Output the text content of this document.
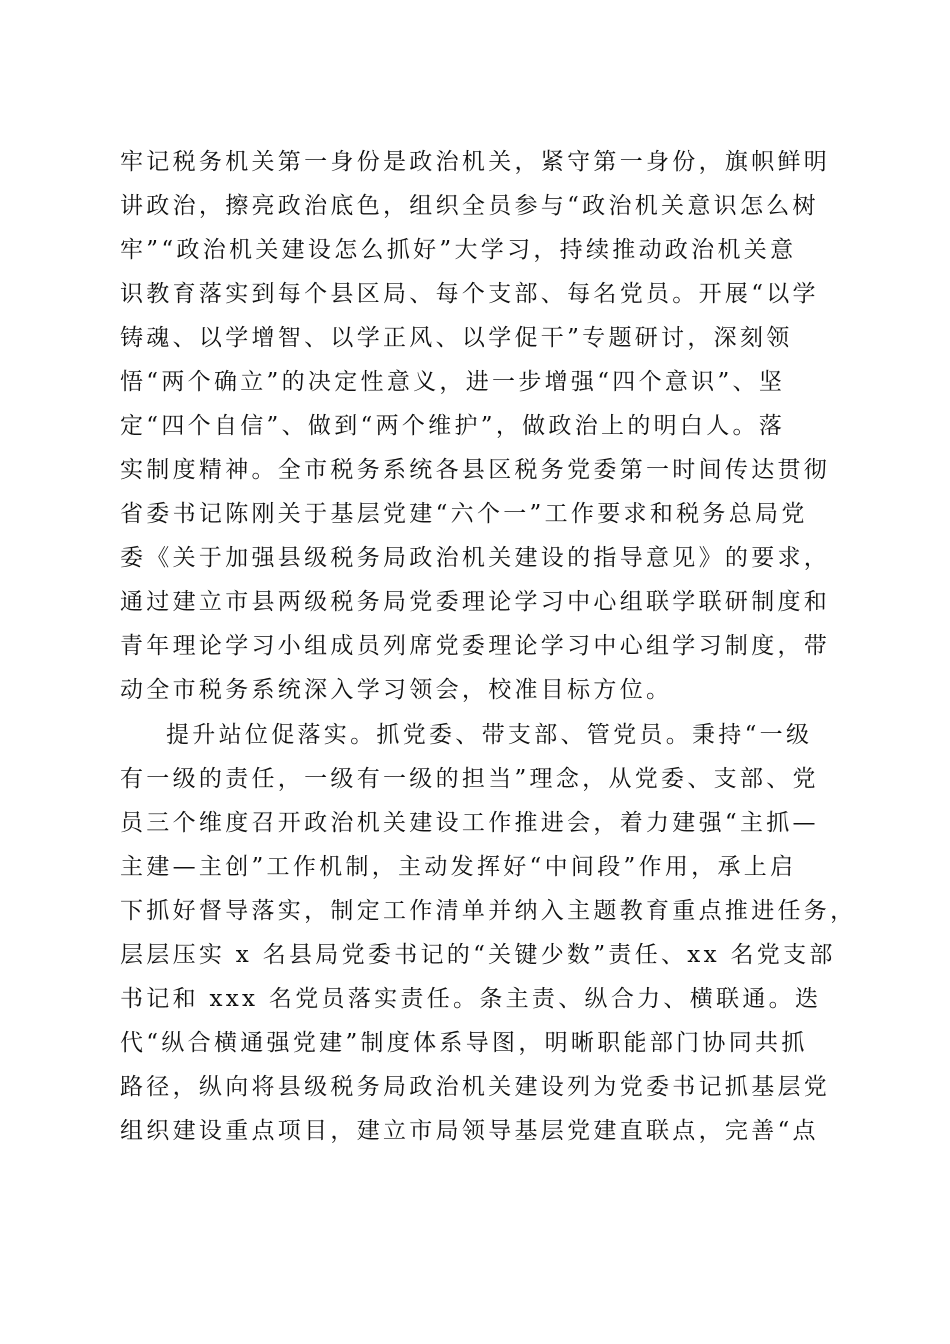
牢记税务机关第一身份是政治机关，紧守第一身份，旗帜鲜明
讲政治，擦亮政治底色，组织全员参与“政治机关意识怎么树
牢”“政治机关建设怎么抓好”大学习，持续推动政治机关意
识教育落实到每个县区局、每个支部、每名党员。开展“以学
铸魂、以学增智、以学正风、以学促干”专题研讨，深刻领
悟“两个确立”的决定性意义，进一步增强“四个意识”、坚
定“四个自信”、做到“两个维护”，做政治上的明白人。落
实制度精神。全市税务系统各县区税务党委第一时间传达贯彻
省委书记陈刚关于基层党建“六个一”工作要求和税务总局党
委《关于加强县级税务局政治机关建设的指导意见》的要求，
通过建立市县两级税务局党委理论学习中心组联学联研制度和
青年理论学习小组成员列席党委理论学习中心组学习制度，带
动全市税务系统深入学习领会，校准目标方位。
提升站位促落实。抓党委、带支部、管党员。秉持“一级
有一级的责任，一级有一级的担当”理念，从党委、支部、党
员三个维度召开政治机关建设工作推进会，着力建强“主抓—
主建—主创”工作机制，主动发挥好“中间段”作用，承上启
下抓好督导落实，制定工作清单并纳入主题教育重点推进任务，
层层压实 x 名县局党委书记的“关键少数”责任、xx 名党支部
书记和 xxx 名党员落实责任。条主责、纵合力、横联通。迭
代“纵合横通强党建”制度体系导图，明晰职能部门协同共抓
路径，纵向将县级税务局政治机关建设列为党委书记抓基层党
组织建设重点项目，建立市局领导基层党建直联点，完善“点
